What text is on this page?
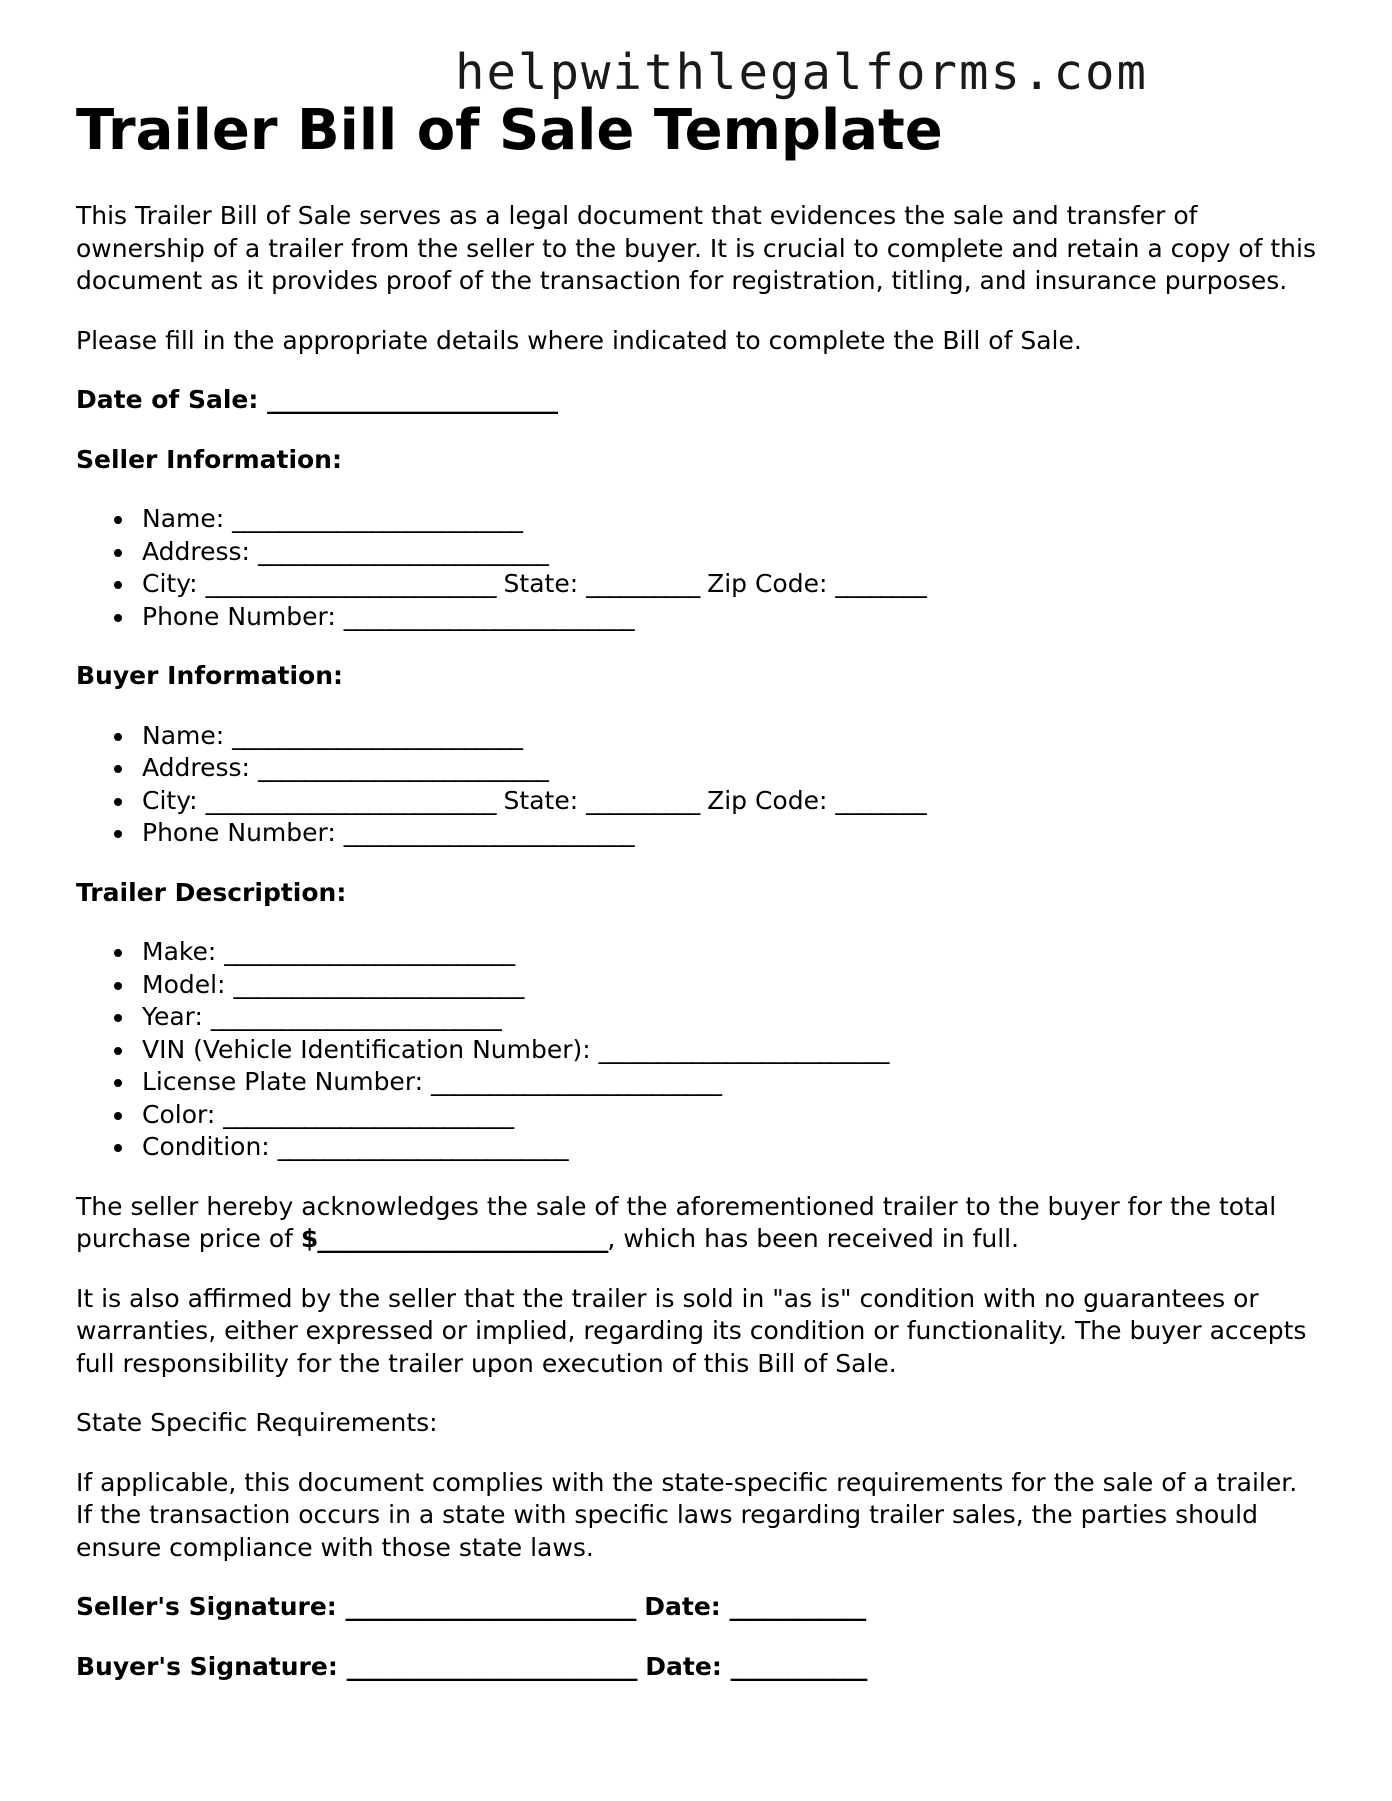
helpwithlegalforms.com
Trailer Bill of Sale Template

This Trailer Bill of Sale serves as a legal document that evidences the sale and transfer of ownership of a trailer from the seller to the buyer. It is crucial to complete and retain a copy of this document as it provides proof of the transaction for registration, titling, and insurance purposes.

Please fill in the appropriate details where indicated to complete the Bill of Sale.

Date of Sale: _________________________
Seller Information:
Name: _________________________
Address: _________________________
City: _________________________ State: __________ Zip Code: ________
Phone Number: _________________________
Buyer Information:
Name: _________________________
Address: _________________________
City: _________________________ State: __________ Zip Code: ________
Phone Number: _________________________
Trailer Description:
Make: _________________________
Model: _________________________
Year: _________________________
VIN (Vehicle Identification Number): _________________________
License Plate Number: _________________________
Color: _________________________
Condition: _________________________

The seller hereby acknowledges the sale of the aforementioned trailer to the buyer for the total purchase price of $_________________________, which has been received in full.

It is also affirmed by the seller that the trailer is sold in "as is" condition with no guarantees or warranties, either expressed or implied, regarding its condition or functionality. The buyer accepts full responsibility for the trailer upon execution of this Bill of Sale.

State Specific Requirements:

If applicable, this document complies with the state-specific requirements for the sale of a trailer. If the transaction occurs in a state with specific laws regarding trailer sales, the parties should ensure compliance with those state laws.

Seller's Signature: _________________________ Date: ____________
Buyer's Signature: _________________________ Date: ____________
